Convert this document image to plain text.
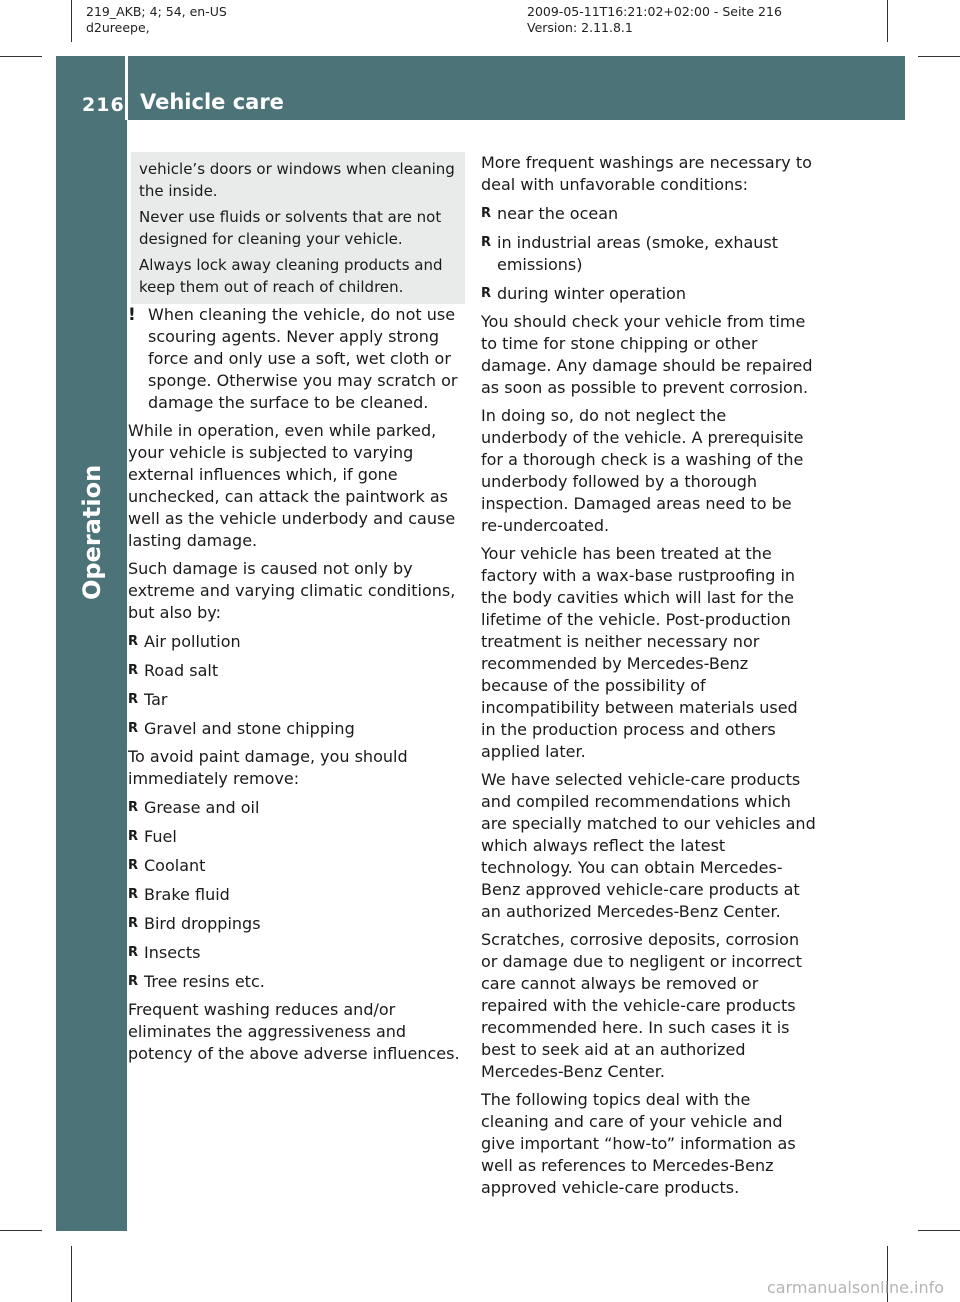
219_AKB; 4; 54, en-US
d2ureepe,
2009-05-11T16:21:02+02:00 - Seite 216
Version: 2.11.8.1
216 Vehicle care
Operation

vehicle’s doors or windows when cleaning the inside.

Never use fluids or solvents that are not designed for cleaning your vehicle.

Always lock away cleaning products and keep them out of reach of children.

! When cleaning the vehicle, do not use scouring agents. Never apply strong force and only use a soft, wet cloth or sponge. Otherwise you may scratch or damage the surface to be cleaned.

While in operation, even while parked, your vehicle is subjected to varying external influences which, if gone unchecked, can attack the paintwork as well as the vehicle underbody and cause lasting damage.

Such damage is caused not only by extreme and varying climatic conditions, but also by:

R Air pollution

R Road salt

R Tar

R Gravel and stone chipping

To avoid paint damage, you should immediately remove:

R Grease and oil

R Fuel

R Coolant

R Brake fluid

R Bird droppings

R Insects

R Tree resins etc.

Frequent washing reduces and/or eliminates the aggressiveness and potency of the above adverse influences.

More frequent washings are necessary to deal with unfavorable conditions:

R near the ocean

R in industrial areas (smoke, exhaust emissions)

R during winter operation

You should check your vehicle from time to time for stone chipping or other damage. Any damage should be repaired as soon as possible to prevent corrosion.

In doing so, do not neglect the underbody of the vehicle. A prerequisite for a thorough check is a washing of the underbody followed by a thorough inspection. Damaged areas need to be re-undercoated.

Your vehicle has been treated at the factory with a wax-base rustproofing in the body cavities which will last for the lifetime of the vehicle. Post-production treatment is neither necessary nor recommended by Mercedes-Benz because of the possibility of incompatibility between materials used in the production process and others applied later.

We have selected vehicle-care products and compiled recommendations which are specially matched to our vehicles and which always reflect the latest technology. You can obtain Mercedes-Benz approved vehicle-care products at an authorized Mercedes-Benz Center.

Scratches, corrosive deposits, corrosion or damage due to negligent or incorrect care cannot always be removed or repaired with the vehicle-care products recommended here. In such cases it is best to seek aid at an authorized Mercedes-Benz Center.

The following topics deal with the cleaning and care of your vehicle and give important “how-to” information as well as references to Mercedes-Benz approved vehicle-care products.

carmanualsonline.info
